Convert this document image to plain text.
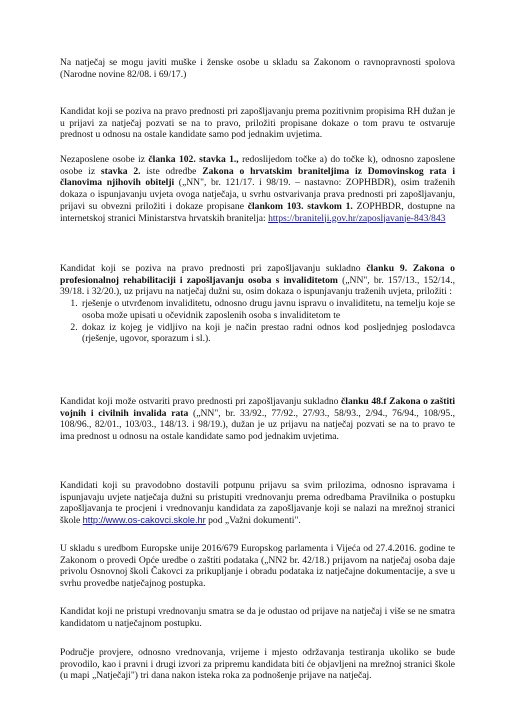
Na natječaj se mogu javiti muške i ženske osobe u skladu sa Zakonom o ravnopravnosti spolova (Narodne novine 82/08. i 69/17.)

Kandidat koji se poziva na pravo prednosti pri zapošljavanju prema pozitivnim propisima RH dužan je u prijavi za natječaj pozvati se na to pravo, priložiti propisane dokaze o tom pravu te ostvaruje prednost u odnosu na ostale kandidate samo pod jednakim uvjetima.

Nezaposlene osobe iz članka 102. stavka 1., redoslijedom točke a) do točke k), odnosno zaposlene osobe iz stavka 2. iste odredbe Zakona o hrvatskim braniteljima iz Domovinskog rata i članovima njihovih obitelji („NN", br. 121/17. i 98/19. – nastavno: ZOPHBDR), osim traženih dokaza o ispunjavanju uvjeta ovoga natječaja, u svrhu ostvarivanja prava prednosti pri zapošljavanju, prijavi su obvezni priložiti i dokaze propisane člankom 103. stavkom 1. ZOPHBDR, dostupne na internetskoj stranici Ministarstva hrvatskih branitelja: https://branitelji.gov.hr/zaposljavanje-843/843

Kandidat koji se poziva na pravo prednosti pri zapošljavanju sukladno članku 9. Zakona o profesionalnoj rehabilitaciji i zapošljavanju osoba s invaliditetom („NN", br. 157/13., 152/14., 39/18. i 32/20.), uz prijavu na natječaj dužni su, osim dokaza o ispunjavanju traženih uvjeta, priložiti :
1. rješenje o utvrđenom invaliditetu, odnosno drugu javnu ispravu o invaliditetu, na temelju koje se osoba može upisati u očevidnik zaposlenih osoba s invaliditetom te
2. dokaz iz kojeg je vidljivo na koji je način prestao radni odnos kod posljednjeg poslodavca (rješenje, ugovor, sporazum i sl.).

Kandidat koji može ostvariti pravo prednosti pri zapošljavanju sukladno članku 48.f Zakona o zaštiti vojnih i civilnih invalida rata („NN", br. 33/92., 77/92., 27/93., 58/93., 2/94., 76/94., 108/95., 108/96., 82/01., 103/03., 148/13. i 98/19.), dužan je uz prijavu na natječaj pozvati se na to pravo te ima prednost u odnosu na ostale kandidate samo pod jednakim uvjetima.

Kandidati koji su pravodobno dostavili potpunu prijavu sa svim prilozima, odnosno ispravama i ispunjavaju uvjete natječaja dužni su pristupiti vrednovanju prema odredbama Pravilnika o postupku zapošljavanja te procjeni i vrednovanju kandidata za zapošljavanje koji se nalazi na mrežnoj stranici škole http://www.os-cakovci.skole.hr pod „Važni dokumenti".

U skladu s uredbom Europske unije 2016/679 Europskog parlamenta i Vijeća od 27.4.2016. godine te Zakonom o provedi Opće uredbe o zaštiti podataka („NN2 br. 42/18.) prijavom na natječaj osoba daje privolu Osnovnoj školi Čakovci za prikupljanje i obradu podataka iz natječajne dokumentacije, a sve u svrhu provedbe natječajnog postupka.

Kandidat koji ne pristupi vrednovanju smatra se da je odustao od prijave na natječaj i više se ne smatra kandidatom u natječajnom postupku.

Područje provjere, odnosno vrednovanja, vrijeme i mjesto održavanja testiranja ukoliko se bude provodilo, kao i pravni i drugi izvori za pripremu kandidata biti će objavljeni na mrežnoj stranici škole (u mapi „Natječaji") tri dana nakon isteka roka za podnošenje prijave na natječaj.
